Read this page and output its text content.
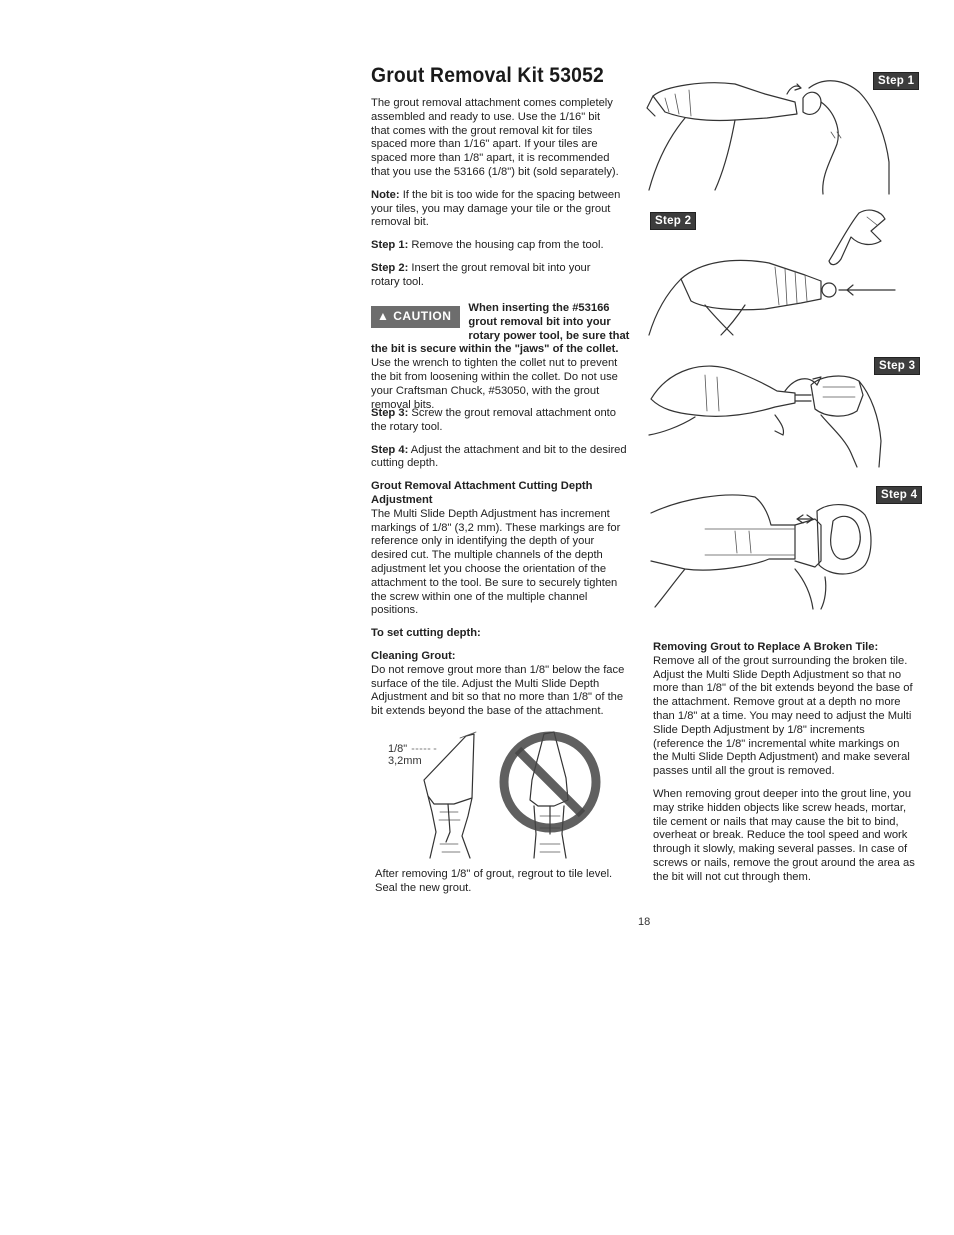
Grout Removal Kit 53052

The grout removal attachment comes completely assembled and ready to use. Use the 1/16" bit that comes with the grout removal kit for tiles spaced more than 1/16" apart. If your tiles are spaced more than 1/8" apart, it is recommended that you use the 53166 (1/8") bit (sold separately).

Note: If the bit is too wide for the spacing between your tiles, you may damage your tile or the grout removal bit.

Step 1: Remove the housing cap from the tool.

Step 2: Insert the grout removal bit into your rotary tool.

▲ CAUTION

When inserting the #53166 grout removal bit into your rotary power tool, be sure that the bit is secure within the "jaws" of the collet. Use the wrench to tighten the collet nut to prevent the bit from loosening within the collet. Do not use your Craftsman Chuck, #53050, with the grout removal bits.

Step 3: Screw the grout removal attachment onto the rotary tool.

Step 4: Adjust the attachment and bit to the desired cutting depth.

Grout Removal Attachment Cutting Depth Adjustment

The Multi Slide Depth Adjustment has increment markings of 1/8" (3,2 mm). These markings are for reference only in identifying the depth of your desired cut. The multiple channels of the depth adjustment let you choose the orientation of the attachment to the tool. Be sure to securely tighten the screw within one of the multiple channel positions.

To set cutting depth:

Cleaning Grout:

Do not remove grout more than 1/8" below the face surface of the tile. Adjust the Multi Slide Depth Adjustment and bit so that no more than 1/8" of the bit extends beyond the base of the attachment.

1/8"
3,2mm
After removing 1/8" of grout, regrout to tile level. Seal the new grout.

Removing Grout to Replace A Broken Tile:

Remove all of the grout surrounding the broken tile. Adjust the Multi Slide Depth Adjustment so that no more than 1/8" of the bit extends beyond the base of the attachment. Remove grout at a depth no more than 1/8" at a time. You may need to adjust the Multi Slide Depth Adjustment by 1/8" increments (reference the 1/8" incremental white markings on the Multi Slide Depth Adjustment) and make several passes until all the grout is removed.

When removing grout deeper into the grout line, you may strike hidden objects like screw heads, mortar, tile cement or nails that may cause the bit to bind, overheat or break. Reduce the tool speed and work through it slowly, making several passes. In case of screws or nails, remove the grout around the area as the bit will not cut through them.

Step 1
Step 2
Step 3
Step 4
18
